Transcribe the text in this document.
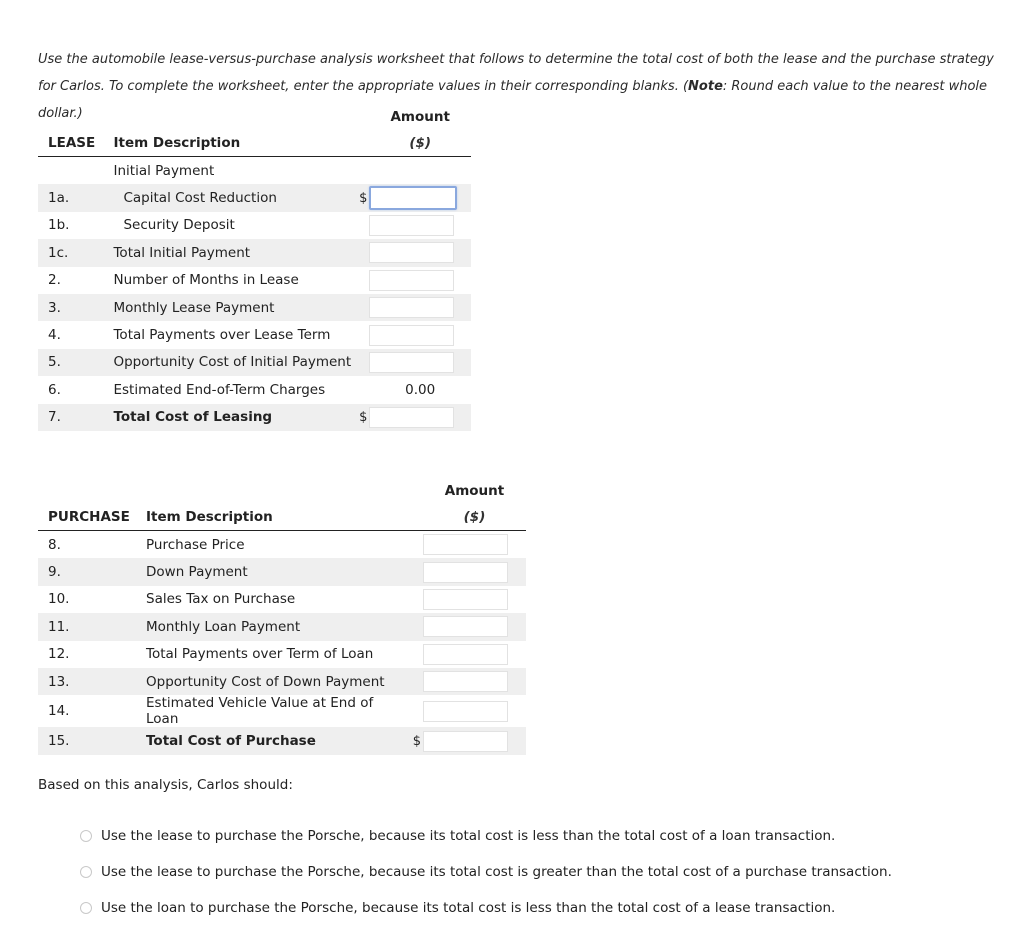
Use the automobile lease-versus-purchase analysis worksheet that follows to determine the total cost of both the lease and the purchase strategy for Carlos. To complete the worksheet, enter the appropriate values in their corresponding blanks. (Note: Round each value to the nearest whole dollar.)
				Amount
LEASE	Item Description		($)
	Initial Payment		
1a.	Capital Cost Reduction	$	
1b.	Security Deposit		
1c.	Total Initial Payment		
2.	Number of Months in Lease		
3.	Monthly Lease Payment		
4.	Total Payments over Lease Term		
5.	Opportunity Cost of Initial Payment		
6.	Estimated End-of-Term Charges		0.00
7.	Total Cost of Leasing	$	
			Amount
PURCHASE	Item Description		($)
8.	Purchase Price		
9.	Down Payment		
10.	Sales Tax on Purchase		
11.	Monthly Loan Payment		
12.	Total Payments over Term of Loan		
13.	Opportunity Cost of Down Payment		
14.	Estimated Vehicle Value at End of Loan		
15.	Total Cost of Purchase	$	
Based on this analysis, Carlos should:
Use the lease to purchase the Porsche, because its total cost is less than the total cost of a loan transaction.
Use the lease to purchase the Porsche, because its total cost is greater than the total cost of a purchase transaction.
Use the loan to purchase the Porsche, because its total cost is less than the total cost of a lease transaction.
